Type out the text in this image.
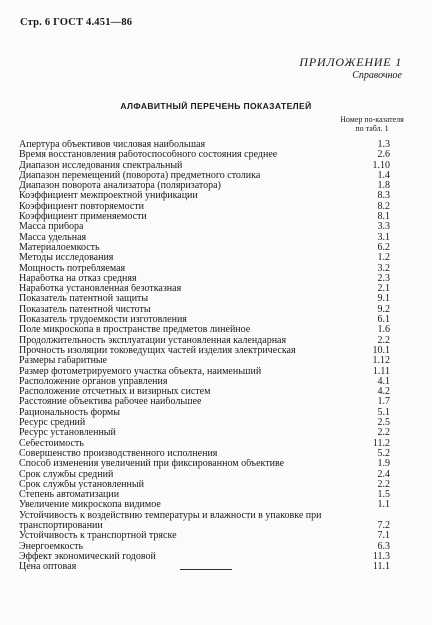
Стр. 6 ГОСТ 4.451—86
ПРИЛОЖЕНИЕ 1
Справочное
АЛФАВИТНЫЙ ПЕРЕЧЕНЬ ПОКАЗАТЕЛЕЙ
Номер по-казателя по табл. 1
Апертура объективов числовая наибольшая	1.3
Время восстановления работоспособного состояния среднее	2.6
Диапазон исследования спектральный	1.10
Диапазон перемещений (поворота) предметного столика	1.4
Диапазон поворота анализатора (поляризатора)	1.8
Коэффициент межпроектной унификации	8.3
Коэффициент повторяемости	8.2
Коэффициент применяемости	8.1
Масса прибора	3.3
Масса удельная	3.1
Материалоемкость	6.2
Методы исследования	1.2
Мощность потребляемая	3.2
Наработка на отказ средняя	2.3
Наработка установленная безотказная	2.1
Показатель патентной защиты	9.1
Показатель патентной чистоты	9.2
Показатель трудоемкости изготовления	6.1
Поле микроскопа в пространстве предметов линейное	1.6
Продолжительность эксплуатации установленная календарная	2.2
Прочность изоляции токоведущих частей изделия электрическая	10.1
Размеры габаритные	1.12
Размер фотометрируемого участка объекта, наименьший	1.11
Расположение органов управления	4.1
Расположение отсчетных и визирных систем	4.2
Расстояние объектива рабочее наибольшее	1.7
Рациональность формы	5.1
Ресурс средний	2.5
Ресурс установленный	2.2
Себестоимость	11.2
Совершенство производственного исполнения	5.2
Способ изменения увеличений при фиксированном объективе	1.9
Срок службы средний	2.4
Срок службы установленный	2.2
Степень автоматизации	1.5
Увеличение микроскопа видимое	1.1
Устойчивость к воздействию температуры и влажности в упаковке при транспортировании	7.2
Устойчивость к транспортной тряске	7.1
Энергоемкость	6.3
Эффект экономический годовой	11.3
Цена оптовая	11.1
